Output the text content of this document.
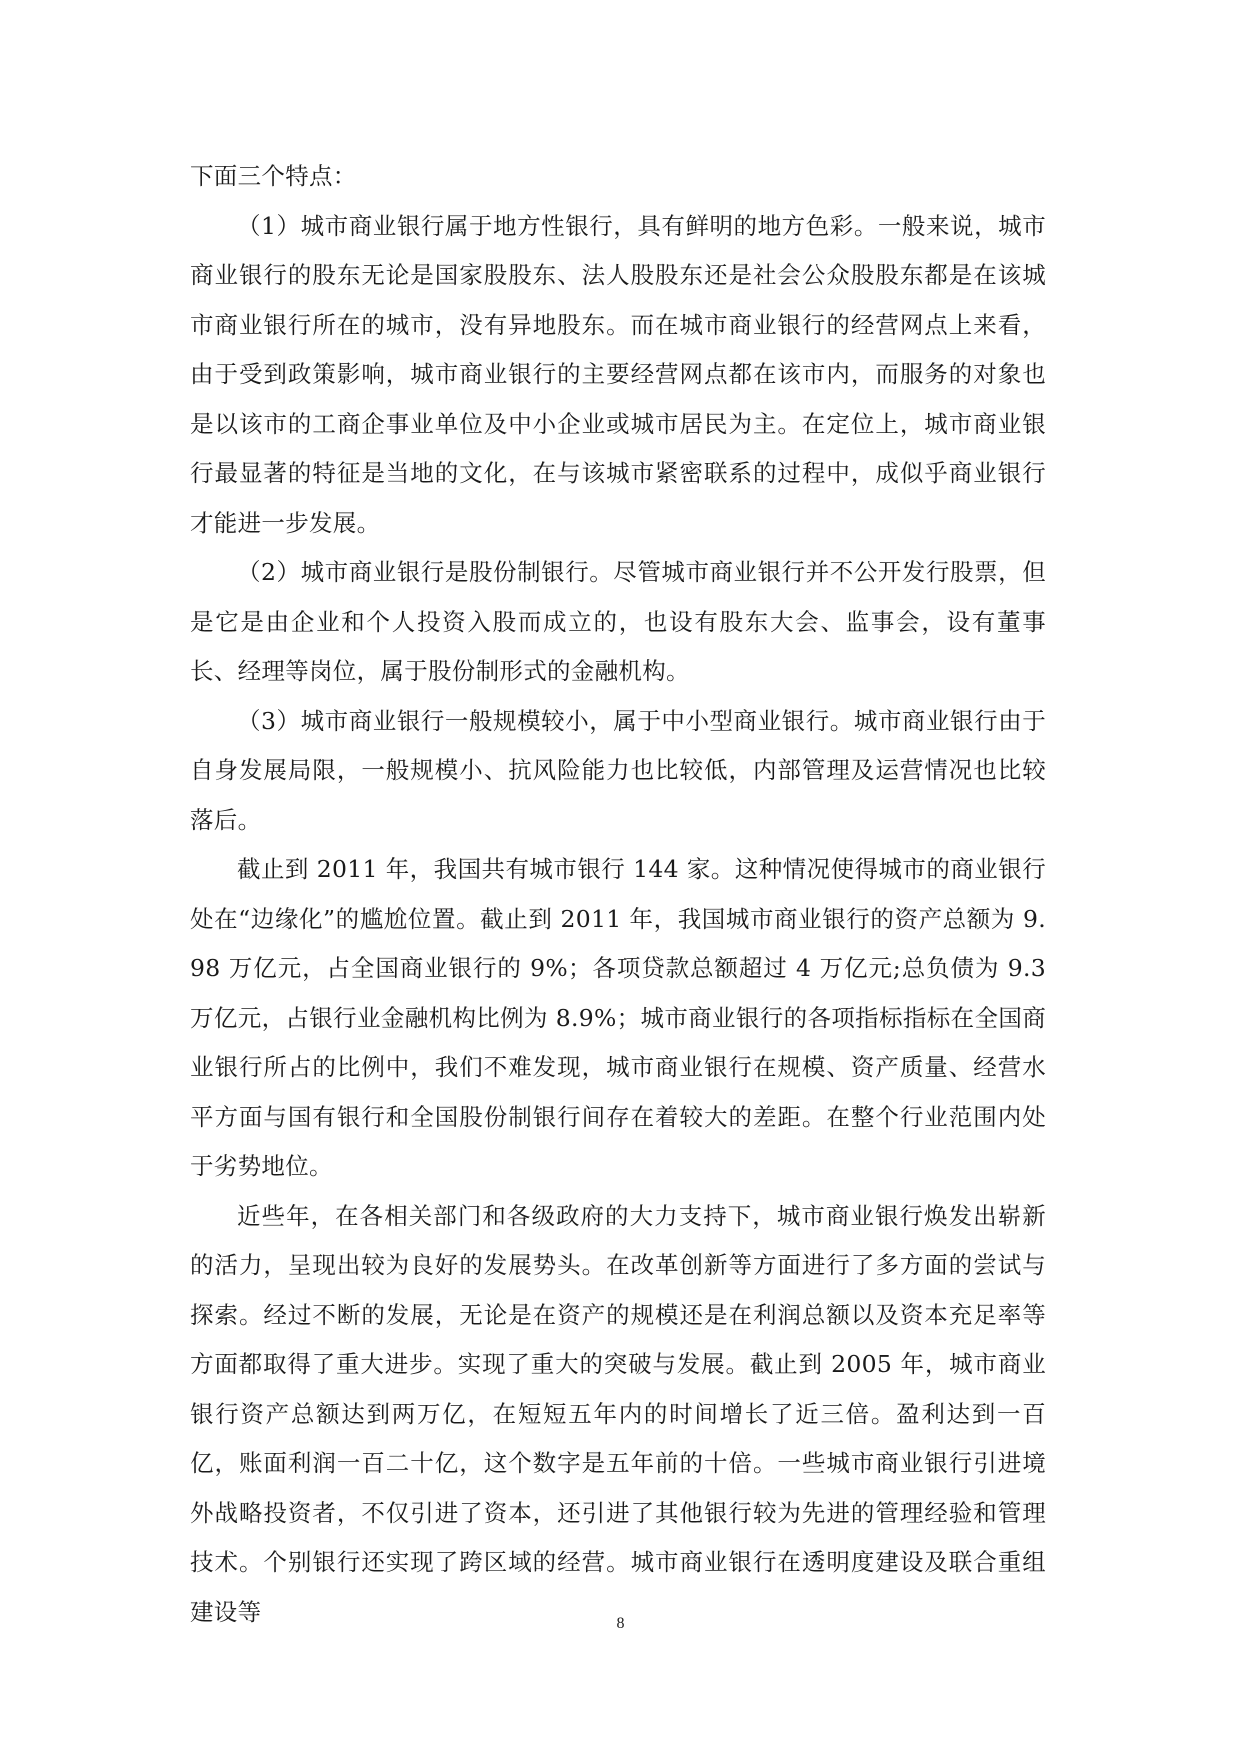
下面三个特点：

（1）城市商业银行属于地方性银行，具有鲜明的地方色彩。一般来说，城市商业银行的股东无论是国家股股东、法人股股东还是社会公众股股东都是在该城市商业银行所在的城市，没有异地股东。而在城市商业银行的经营网点上来看，由于受到政策影响，城市商业银行的主要经营网点都在该市内，而服务的对象也是以该市的工商企事业单位及中小企业或城市居民为主。在定位上，城市商业银行最显著的特征是当地的文化，在与该城市紧密联系的过程中，成似乎商业银行才能进一步发展。

（2）城市商业银行是股份制银行。尽管城市商业银行并不公开发行股票，但是它是由企业和个人投资入股而成立的，也设有股东大会、监事会，设有董事长、经理等岗位，属于股份制形式的金融机构。

（3）城市商业银行一般规模较小，属于中小型商业银行。城市商业银行由于自身发展局限，一般规模小、抗风险能力也比较低，内部管理及运营情况也比较落后。

截止到 2011 年，我国共有城市银行 144 家。这种情况使得城市的商业银行处在“边缘化”的尴尬位置。截止到 2011 年，我国城市商业银行的资产总额为 9.98 万亿元，占全国商业银行的 9%；各项贷款总额超过 4 万亿元;总负债为 9.3 万亿元，占银行业金融机构比例为 8.9%；城市商业银行的各项指标指标在全国商业银行所占的比例中，我们不难发现，城市商业银行在规模、资产质量、经营水平方面与国有银行和全国股份制银行间存在着较大的差距。在整个行业范围内处于劣势地位。

近些年，在各相关部门和各级政府的大力支持下，城市商业银行焕发出崭新的活力，呈现出较为良好的发展势头。在改革创新等方面进行了多方面的尝试与探索。经过不断的发展，无论是在资产的规模还是在利润总额以及资本充足率等方面都取得了重大进步。实现了重大的突破与发展。截止到 2005 年，城市商业银行资产总额达到两万亿，在短短五年内的时间增长了近三倍。盈利达到一百亿，账面利润一百二十亿，这个数字是五年前的十倍。一些城市商业银行引进境外战略投资者，不仅引进了资本，还引进了其他银行较为先进的管理经验和管理技术。个别银行还实现了跨区域的经营。城市商业银行在透明度建设及联合重组建设等	8
